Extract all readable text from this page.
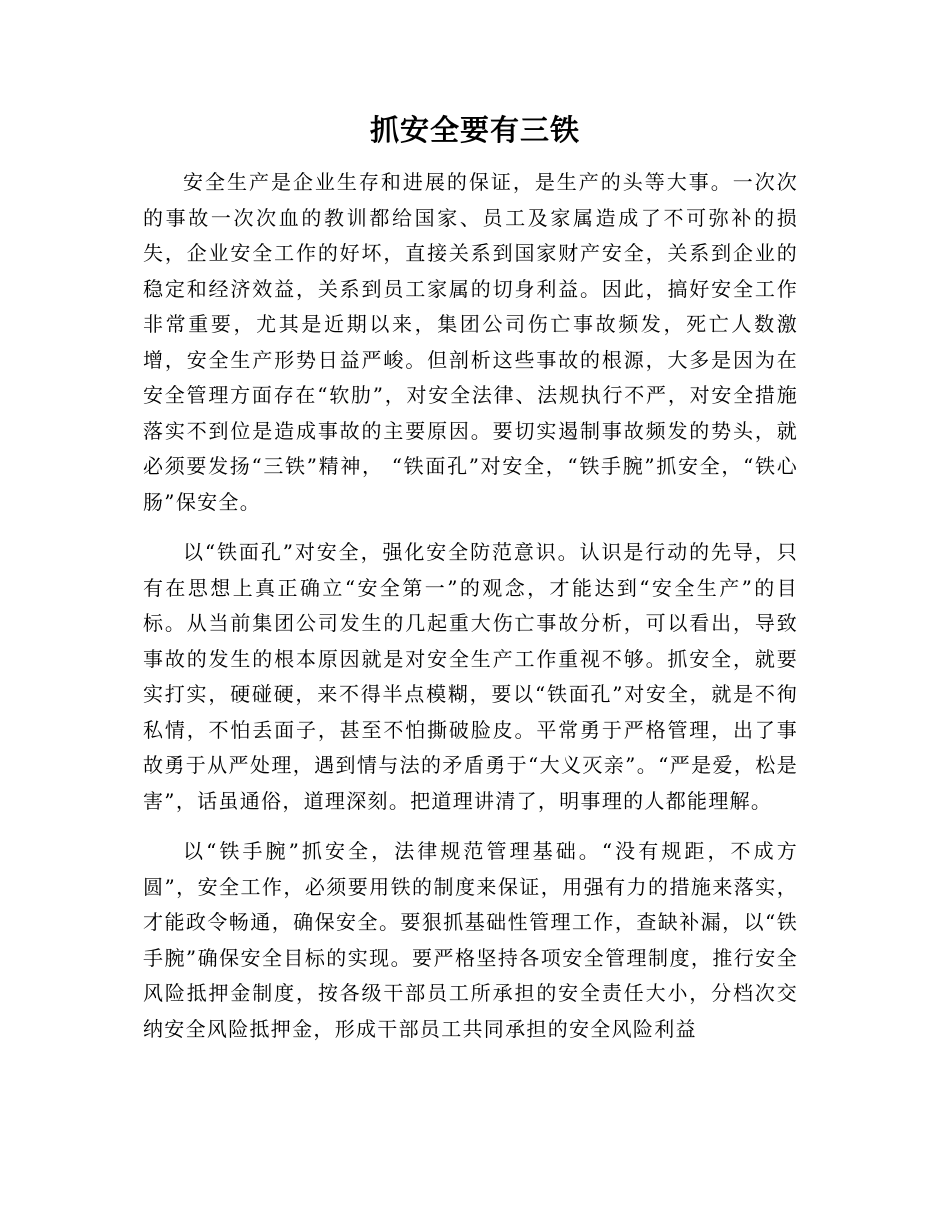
抓安全要有三铁

安全生产是企业生存和进展的保证，是生产的头等大事。一次次的事故一次次血的教训都给国家、员工及家属造成了不可弥补的损失，企业安全工作的好坏，直接关系到国家财产安全，关系到企业的稳定和经济效益，关系到员工家属的切身利益。因此，搞好安全工作非常重要，尤其是近期以来，集团公司伤亡事故频发，死亡人数激增，安全生产形势日益严峻。但剖析这些事故的根源，大多是因为在安全管理方面存在“软肋”，对安全法律、法规执行不严，对安全措施落实不到位是造成事故的主要原因。要切实遏制事故频发的势头，就必须要发扬“三铁”精神， “铁面孔”对安全，“铁手腕”抓安全，“铁心肠”保安全。

以“铁面孔”对安全，强化安全防范意识。认识是行动的先导，只有在思想上真正确立“安全第一”的观念，才能达到“安全生产”的目标。从当前集团公司发生的几起重大伤亡事故分析，可以看出，导致事故的发生的根本原因就是对安全生产工作重视不够。抓安全，就要实打实，硬碰硬，来不得半点模糊，要以“铁面孔”对安全，就是不徇私情，不怕丢面子，甚至不怕撕破脸皮。平常勇于严格管理，出了事故勇于从严处理，遇到情与法的矛盾勇于“大义灭亲”。“严是爱，松是害”，话虽通俗，道理深刻。把道理讲清了，明事理的人都能理解。

以“铁手腕”抓安全，法律规范管理基础。“没有规距，不成方圆”，安全工作，必须要用铁的制度来保证，用强有力的措施来落实，才能政令畅通，确保安全。要狠抓基础性管理工作，查缺补漏，以“铁手腕”确保安全目标的实现。要严格坚持各项安全管理制度，推行安全风险抵押金制度，按各级干部员工所承担的安全责任大小，分档次交纳安全风险抵押金，形成干部员工共同承担的安全风险利益
